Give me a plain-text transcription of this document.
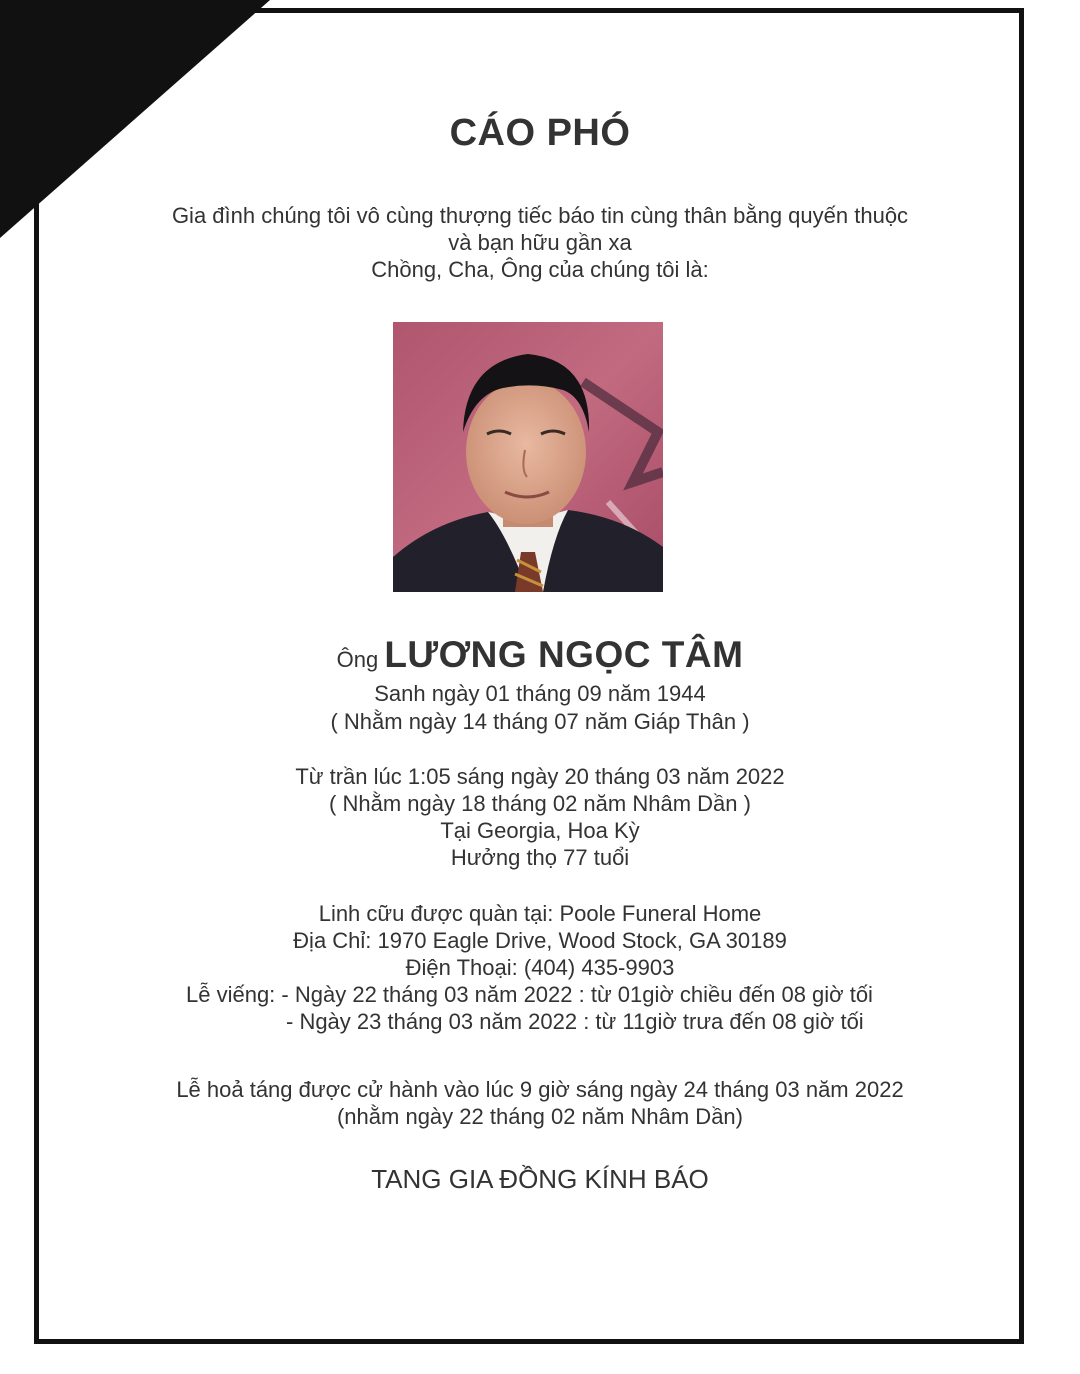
CÁO PHÓ
Gia đình chúng tôi vô cùng thượng tiếc báo tin cùng thân bằng quyến thuộc
và bạn hữu gần xa
Chồng, Cha, Ông của chúng tôi là:
Ông LƯƠNG NGỌC TÂM
Sanh ngày 01 tháng 09 năm 1944
( Nhằm ngày 14 tháng 07 năm Giáp Thân )
Từ trần lúc 1:05 sáng ngày 20 tháng 03 năm 2022
( Nhằm ngày 18 tháng 02 năm Nhâm Dần )
Tại Georgia, Hoa Kỳ
Hưởng thọ 77 tuổi
Linh cữu được quàn tại: Poole Funeral Home
Địa Chỉ: 1970 Eagle Drive, Wood Stock, GA 30189
Điện Thoại: (404) 435-9903
Lễ viếng: - Ngày 22 tháng 03 năm 2022 : từ 01giờ chiều đến 08 giờ tối
- Ngày 23 tháng 03 năm 2022 : từ 11giờ trưa đến 08 giờ tối
Lễ hoả táng được cử hành vào lúc 9 giờ sáng ngày 24 tháng 03 năm 2022
(nhằm ngày 22 tháng 02 năm Nhâm Dần)
TANG GIA ĐỒNG KÍNH BÁO
